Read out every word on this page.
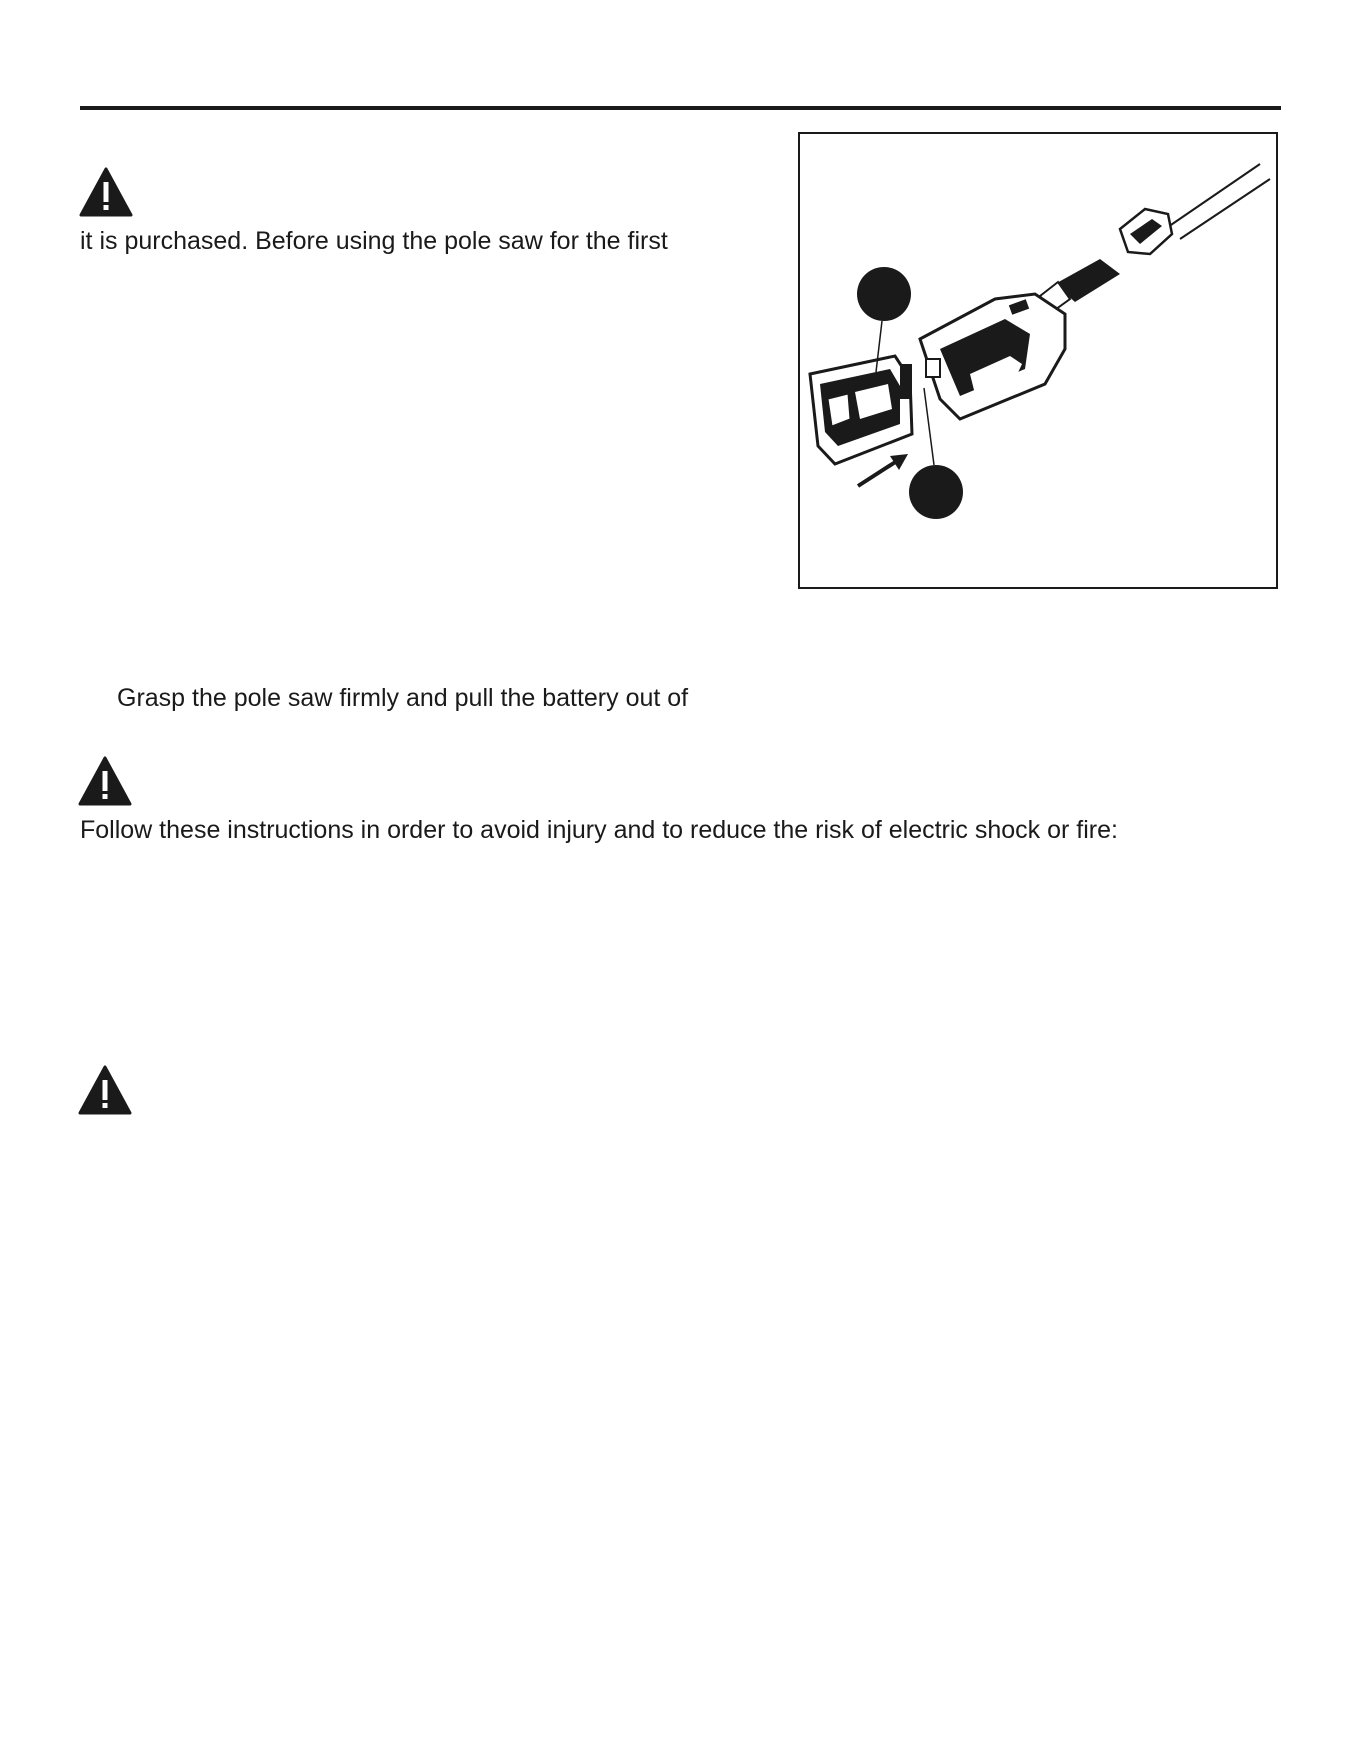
it is purchased. Before using the pole saw for the first
Grasp the pole saw firmly and pull the battery out of
Follow these instructions in order to avoid injury and to reduce the risk of electric shock or fire:
